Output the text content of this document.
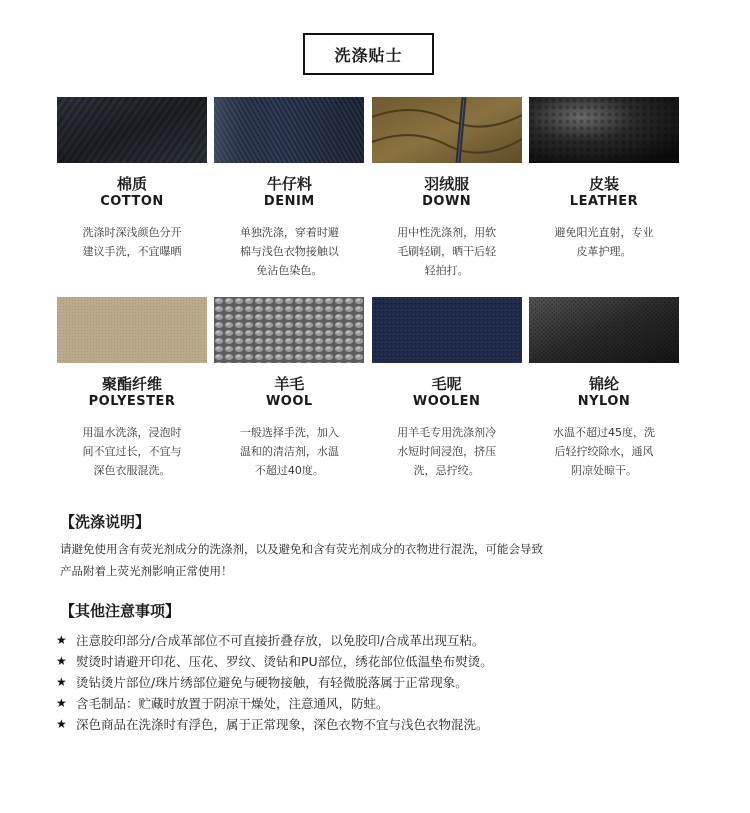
洗涤贴士
棉质
COTTON
洗涤时深浅颜色分开
建议手洗，不宜曝晒
牛仔料
DENIM
单独洗涤，穿着时避
棉与浅色衣物接触以
免沾色染色。
羽绒服
DOWN
用中性洗涤剂，用软
毛刷轻刷，晒干后轻
轻拍打。
皮装
LEATHER
避免阳光直射，专业
皮革护理。
聚酯纤维
POLYESTER
用温水洗涤，浸泡时
间不宜过长，不宜与
深色衣服混洗。
羊毛
WOOL
一般选择手洗，加入
温和的清洁剂，水温
不超过40度。
毛呢
WOOLEN
用羊毛专用洗涤剂冷
水短时间浸泡，挤压
洗，忌拧绞。
锦纶
NYLON
水温不超过45度，洗
后轻拧绞除水，通风
阴凉处晾干。
【洗涤说明】
请避免使用含有荧光剂成分的洗涤剂，以及避免和含有荧光剂成分的衣物进行混洗，可能会导致
产品附着上荧光剂影响正常使用！
【其他注意事项】
★ 注意胶印部分/合成革部位不可直接折叠存放，以免胶印/合成革出现互粘。
★ 熨烫时请避开印花、压花、罗纹、烫钻和PU部位，绣花部位低温垫布熨烫。
★ 烫钻烫片部位/珠片绣部位避免与硬物接触，有轻微脱落属于正常现象。
★ 含毛制品：贮藏时放置于阴凉干燥处，注意通风，防蛀。
★ 深色商品在洗涤时有浮色，属于正常现象，深色衣物不宜与浅色衣物混洗。
